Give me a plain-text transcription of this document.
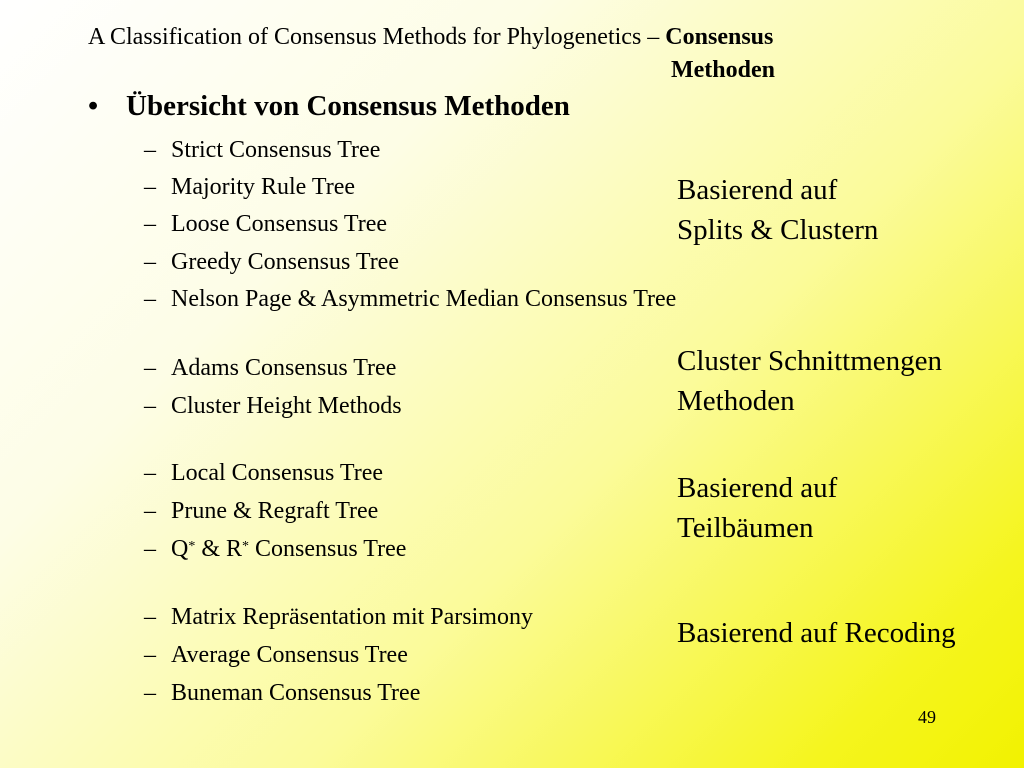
A Classification of Consensus Methods for Phylogenetics – Consensus
Methoden
• Übersicht von Consensus Methoden
– Strict Consensus Tree
– Majority Rule Tree
– Loose Consensus Tree
– Greedy Consensus Tree
– Nelson Page & Asymmetric Median Consensus Tree
– Adams Consensus Tree
– Cluster Height Methods
– Local Consensus Tree
– Prune & Regraft Tree
– Q* & R* Consensus Tree
– Matrix Repräsentation mit Parsimony
– Average Consensus Tree
– Buneman Consensus Tree
Basierend auf
Splits & Clustern
Cluster Schnittmengen
Methoden
Basierend auf
Teilbäumen
Basierend auf Recoding
49
